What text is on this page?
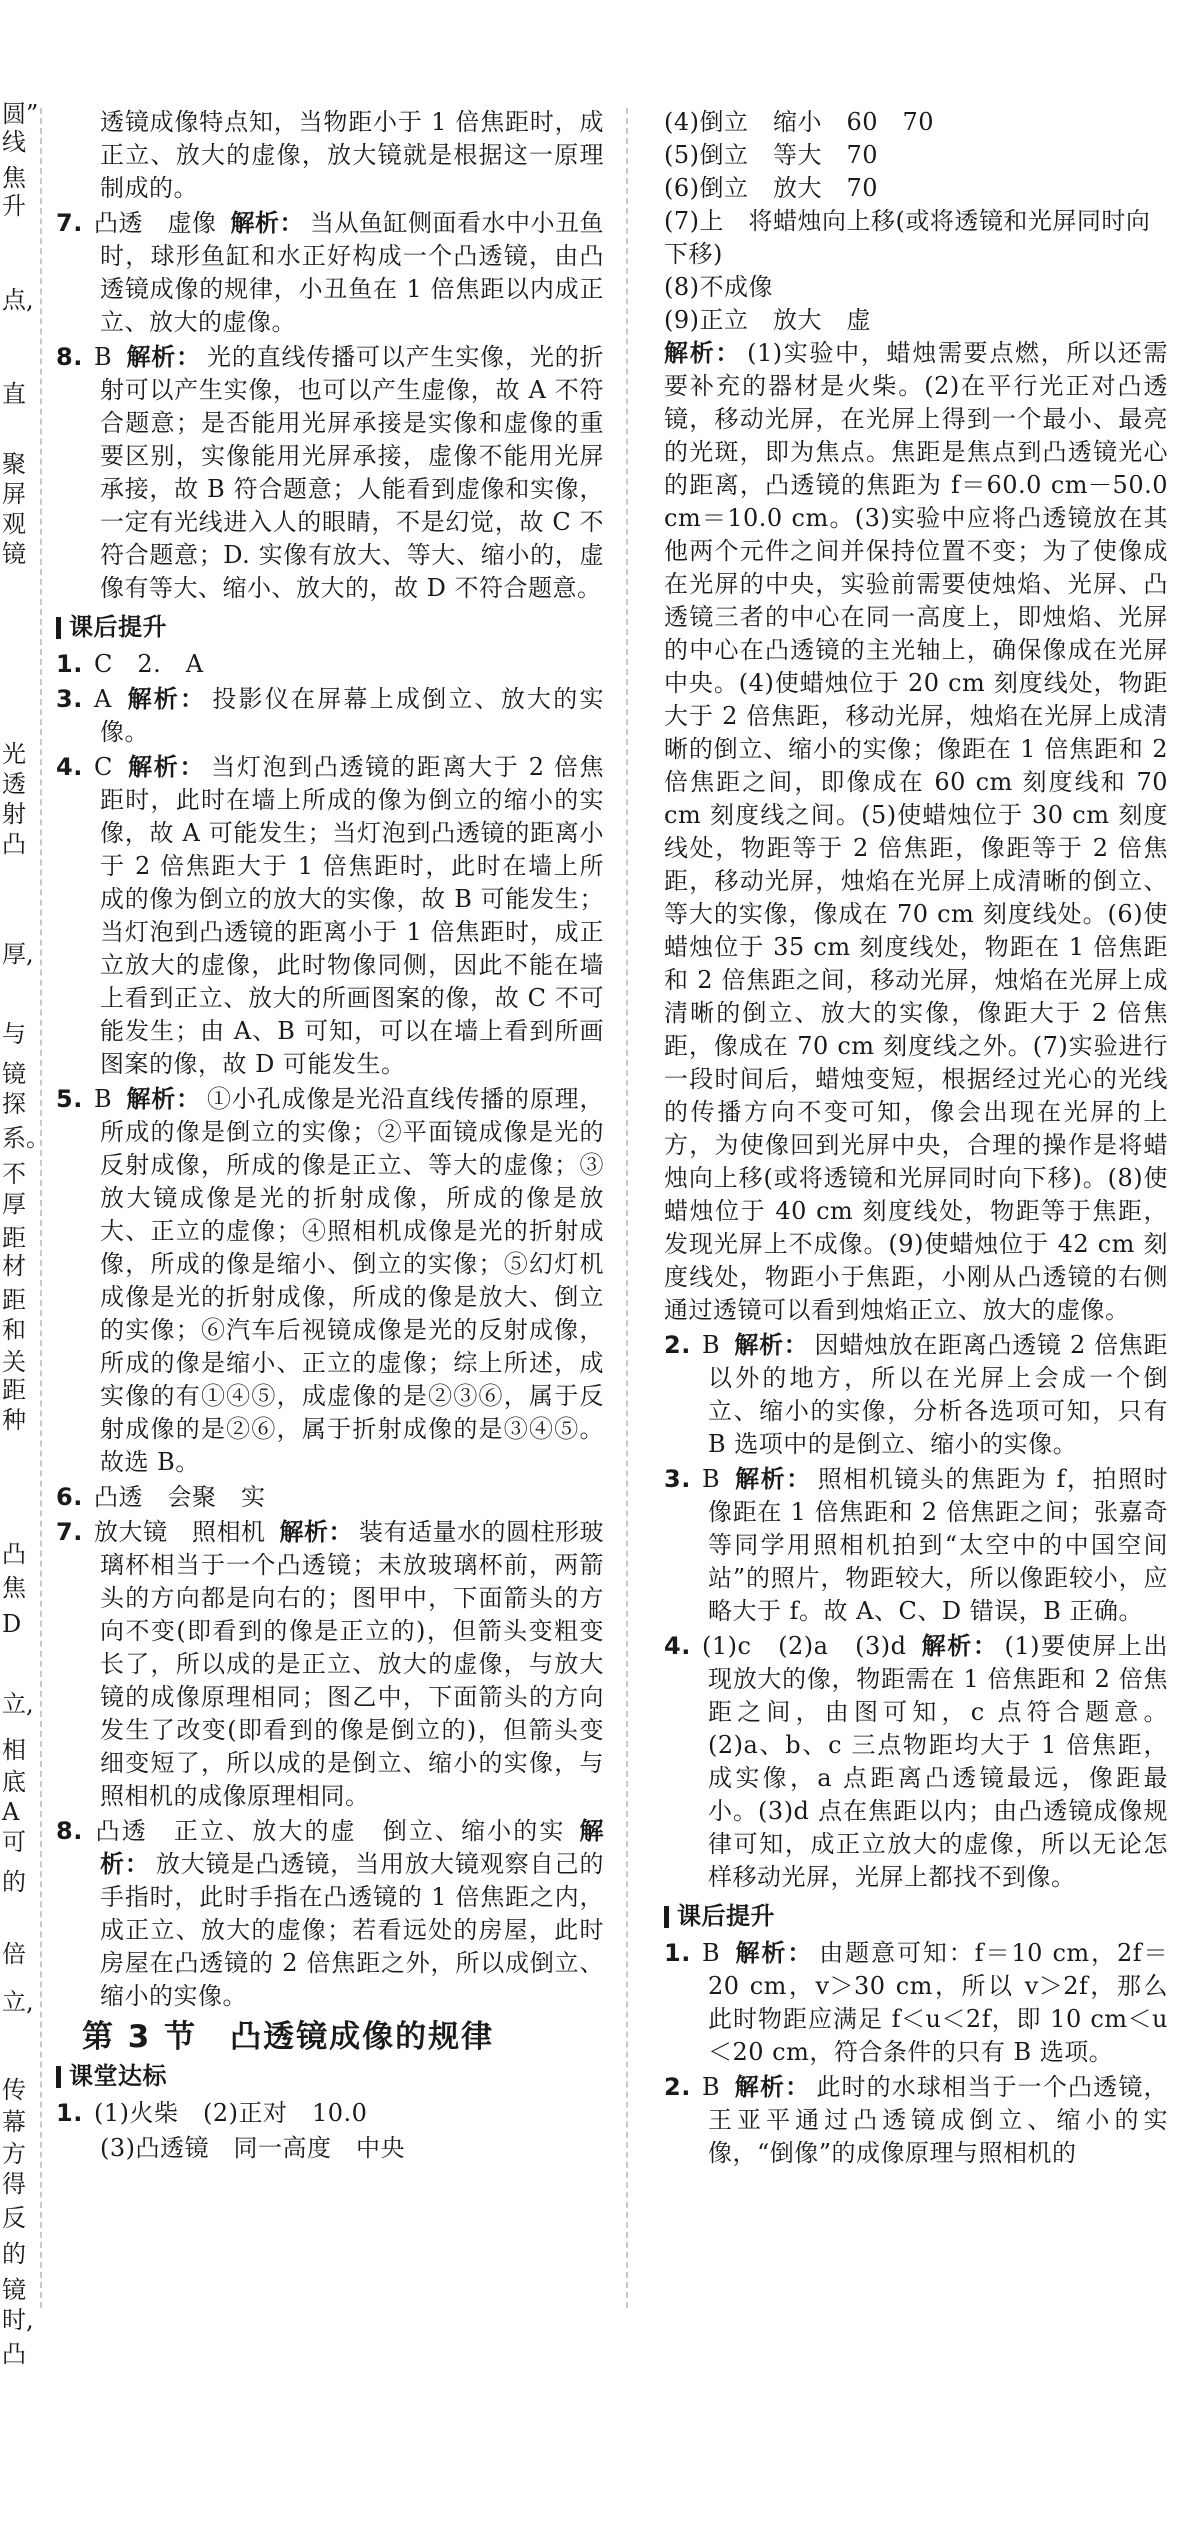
圆”
线
焦
升
点,
直
聚
屏
观
镜
光
透
射
凸
厚,
与
镜
探
系。
不
厚
距
材
距
和
关
距
种
凸
焦
D
立,
相
底
A
可
的
倍
立,
传
幕
方
得
反
的
镜
时,
凸

透镜成像特点知，当物距小于 1 倍焦距时，成正立、放大的虚像，放大镜就是根据这一原理制成的。

7. 凸透　虚像 解析： 当从鱼缸侧面看水中小丑鱼时，球形鱼缸和水正好构成一个凸透镜，由凸透镜成像的规律，小丑鱼在 1 倍焦距以内成正立、放大的虚像。

8. B 解析： 光的直线传播可以产生实像，光的折射可以产生实像，也可以产生虚像，故 A 不符合题意；是否能用光屏承接是实像和虚像的重要区别，实像能用光屏承接，虚像不能用光屏承接，故 B 符合题意；人能看到虚像和实像，一定有光线进入人的眼睛，不是幻觉，故 C 不符合题意；D. 实像有放大、等大、缩小的，虚像有等大、缩小、放大的，故 D 不符合题意。

课后提升

1. C　2.　A

3. A 解析： 投影仪在屏幕上成倒立、放大的实像。

4. C 解析： 当灯泡到凸透镜的距离大于 2 倍焦距时，此时在墙上所成的像为倒立的缩小的实像，故 A 可能发生；当灯泡到凸透镜的距离小于 2 倍焦距大于 1 倍焦距时，此时在墙上所成的像为倒立的放大的实像，故 B 可能发生；当灯泡到凸透镜的距离小于 1 倍焦距时，成正立放大的虚像，此时物像同侧，因此不能在墙上看到正立、放大的所画图案的像，故 C 不可能发生；由 A、B 可知，可以在墙上看到所画图案的像，故 D 可能发生。

5. B 解析： ①小孔成像是光沿直线传播的原理，所成的像是倒立的实像；②平面镜成像是光的反射成像，所成的像是正立、等大的虚像；③放大镜成像是光的折射成像，所成的像是放大、正立的虚像；④照相机成像是光的折射成像，所成的像是缩小、倒立的实像；⑤幻灯机成像是光的折射成像，所成的像是放大、倒立的实像；⑥汽车后视镜成像是光的反射成像，所成的像是缩小、正立的虚像；综上所述，成实像的有①④⑤，成虚像的是②③⑥，属于反射成像的是②⑥，属于折射成像的是③④⑤。故选 B。

6. 凸透　会聚　实

7. 放大镜　照相机 解析： 装有适量水的圆柱形玻璃杯相当于一个凸透镜；未放玻璃杯前，两箭头的方向都是向右的；图甲中，下面箭头的方向不变(即看到的像是正立的)，但箭头变粗变长了，所以成的是正立、放大的虚像，与放大镜的成像原理相同；图乙中，下面箭头的方向发生了改变(即看到的像是倒立的)，但箭头变细变短了，所以成的是倒立、缩小的实像，与照相机的成像原理相同。

8. 凸透　正立、放大的虚　倒立、缩小的实 解析： 放大镜是凸透镜，当用放大镜观察自己的手指时，此时手指在凸透镜的 1 倍焦距之内，成正立、放大的虚像；若看远处的房屋，此时房屋在凸透镜的 2 倍焦距之外，所以成倒立、缩小的实像。

第 3 节　凸透镜成像的规律
课堂达标

1. (1)火柴　(2)正对　10.0

(3)凸透镜　同一高度　中央

(4)倒立　缩小　60　70

(5)倒立　等大　70

(6)倒立　放大　70

(7)上　将蜡烛向上移(或将透镜和光屏同时向下移)

(8)不成像

(9)正立　放大　虚

解析： (1)实验中，蜡烛需要点燃，所以还需要补充的器材是火柴。(2)在平行光正对凸透镜，移动光屏，在光屏上得到一个最小、最亮的光斑，即为焦点。焦距是焦点到凸透镜光心的距离，凸透镜的焦距为 f＝60.0 cm－50.0 cm＝10.0 cm。(3)实验中应将凸透镜放在其他两个元件之间并保持位置不变；为了使像成在光屏的中央，实验前需要使烛焰、光屏、凸透镜三者的中心在同一高度上，即烛焰、光屏的中心在凸透镜的主光轴上，确保像成在光屏中央。(4)使蜡烛位于 20 cm 刻度线处，物距大于 2 倍焦距，移动光屏，烛焰在光屏上成清晰的倒立、缩小的实像；像距在 1 倍焦距和 2 倍焦距之间，即像成在 60 cm 刻度线和 70 cm 刻度线之间。(5)使蜡烛位于 30 cm 刻度线处，物距等于 2 倍焦距，像距等于 2 倍焦距，移动光屏，烛焰在光屏上成清晰的倒立、等大的实像，像成在 70 cm 刻度线处。(6)使蜡烛位于 35 cm 刻度线处，物距在 1 倍焦距和 2 倍焦距之间，移动光屏，烛焰在光屏上成清晰的倒立、放大的实像，像距大于 2 倍焦距，像成在 70 cm 刻度线之外。(7)实验进行一段时间后，蜡烛变短，根据经过光心的光线的传播方向不变可知，像会出现在光屏的上方，为使像回到光屏中央，合理的操作是将蜡烛向上移(或将透镜和光屏同时向下移)。(8)使蜡烛位于 40 cm 刻度线处，物距等于焦距，发现光屏上不成像。(9)使蜡烛位于 42 cm 刻度线处，物距小于焦距，小刚从凸透镜的右侧通过透镜可以看到烛焰正立、放大的虚像。

2. B 解析： 因蜡烛放在距离凸透镜 2 倍焦距以外的地方，所以在光屏上会成一个倒立、缩小的实像，分析各选项可知，只有 B 选项中的是倒立、缩小的实像。

3. B 解析： 照相机镜头的焦距为 f，拍照时像距在 1 倍焦距和 2 倍焦距之间；张嘉奇等同学用照相机拍到“太空中的中国空间站”的照片，物距较大，所以像距较小，应略大于 f。故 A、C、D 错误，B 正确。

4. (1)c　(2)a　(3)d 解析： (1)要使屏上出现放大的像，物距需在 1 倍焦距和 2 倍焦距之间，由图可知，c 点符合题意。(2)a、b、c 三点物距均大于 1 倍焦距，成实像，a 点距离凸透镜最远，像距最小。(3)d 点在焦距以内；由凸透镜成像规律可知，成正立放大的虚像，所以无论怎样移动光屏，光屏上都找不到像。

课后提升

1. B 解析： 由题意可知：f＝10 cm，2f＝20 cm，v＞30 cm，所以 v＞2f，那么此时物距应满足 f＜u＜2f，即 10 cm＜u＜20 cm，符合条件的只有 B 选项。

2. B 解析： 此时的水球相当于一个凸透镜，王亚平通过凸透镜成倒立、缩小的实像，“倒像”的成像原理与照相机的
